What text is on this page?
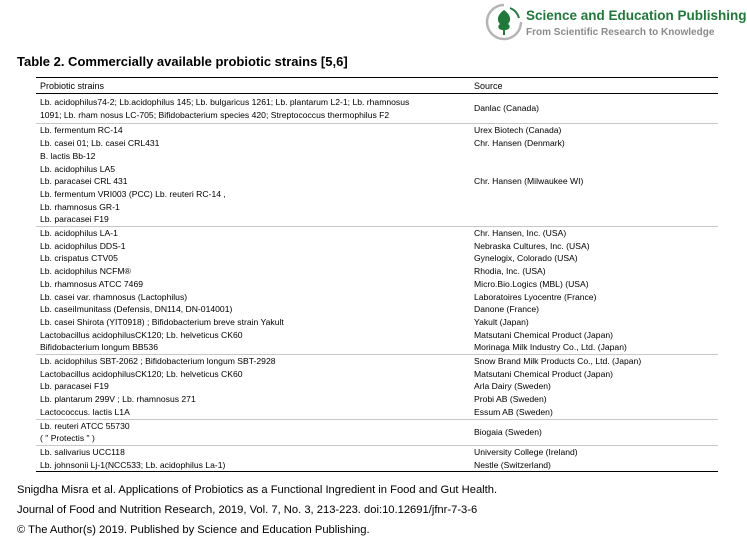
Science and Education Publishing
From Scientific Research to Knowledge
Table 2. Commercially available probiotic strains [5,6]
Probiotic strains	Source
Lb. acidophilus74-2; Lb.acidophilus 145; Lb. bulgaricus 1261; Lb. plantarum L2-1; Lb. rhamnosus
1091; Lb. rham nosus LC-705; Bifidobacterium species 420; Streptococcus thermophilus F2
Danlac (Canada)
Lb. fermentum RC-14
Lb. casei 01; Lb. casei CRL431
B. lactis Bb-12
Lb. acidophilus LA5
Lb. paracasei CRL 431
Lb. fermentum VRI003 (PCC) Lb. reuteri RC-14 ,
Lb. rhamnosus GR-1
Lb. paracasei F19
Urex Biotech (Canada)
Chr. Hansen (Denmark)
Chr. Hansen (Milwaukee WI)
Lb. acidophilus LA-1
Lb. acidophilus DDS-1
Lb. crispatus CTV05
Lb. acidophilus NCFM®
Lb. rhamnosus ATCC 7469
Lb. casei var. rhamnosus (Lactophilus)
Lb. caseiImunitass (Defensis, DN114, DN-014001)
Lb. casei Shirota (YIT0918) ; Bifidobacterium breve strain Yakult
Lactobacillus acidophilusCK120; Lb. helveticus CK60
Bifidobacterium longum BB536
Chr. Hansen, Inc. (USA)
Nebraska Cultures, Inc. (USA)
Gynelogix, Colorado (USA)
Rhodia, Inc. (USA)
Micro.Bio.Logics (MBL) (USA)
Laboratoires Lyocentre (France)
Danone (France)
Yakult (Japan)
Matsutani Chemical Product (Japan)
Morinaga Milk Industry Co., Ltd. (Japan)
Lb. acidophilus SBT-2062 ; Bifidobacterium longum SBT-2928
Lactobacillus acidophilusCK120; Lb. helveticus CK60
Lb. paracasei F19
Lb. plantarum 299V ; Lb. rhamnosus 271
Lactococcus. lactis L1A
Snow Brand Milk Products Co., Ltd. (Japan)
Matsutani Chemical Product (Japan)
Arla Dairy (Sweden)
Probi AB (Sweden)
Essum AB (Sweden)
Lb. reuteri ATCC 55730
( " Protectis " )
Biogaia (Sweden)
Lb. salivarius UCC118
Lb. johnsonii Lj-1(NCC533; Lb. acidophilus La-1)
University College (Ireland)
Nestle (Switzerland)
Snigdha Misra et al. Applications of Probiotics as a Functional Ingredient in Food and Gut Health.
Journal of Food and Nutrition Research, 2019, Vol. 7, No. 3, 213-223. doi:10.12691/jfnr-7-3-6
© The Author(s) 2019. Published by Science and Education Publishing.
